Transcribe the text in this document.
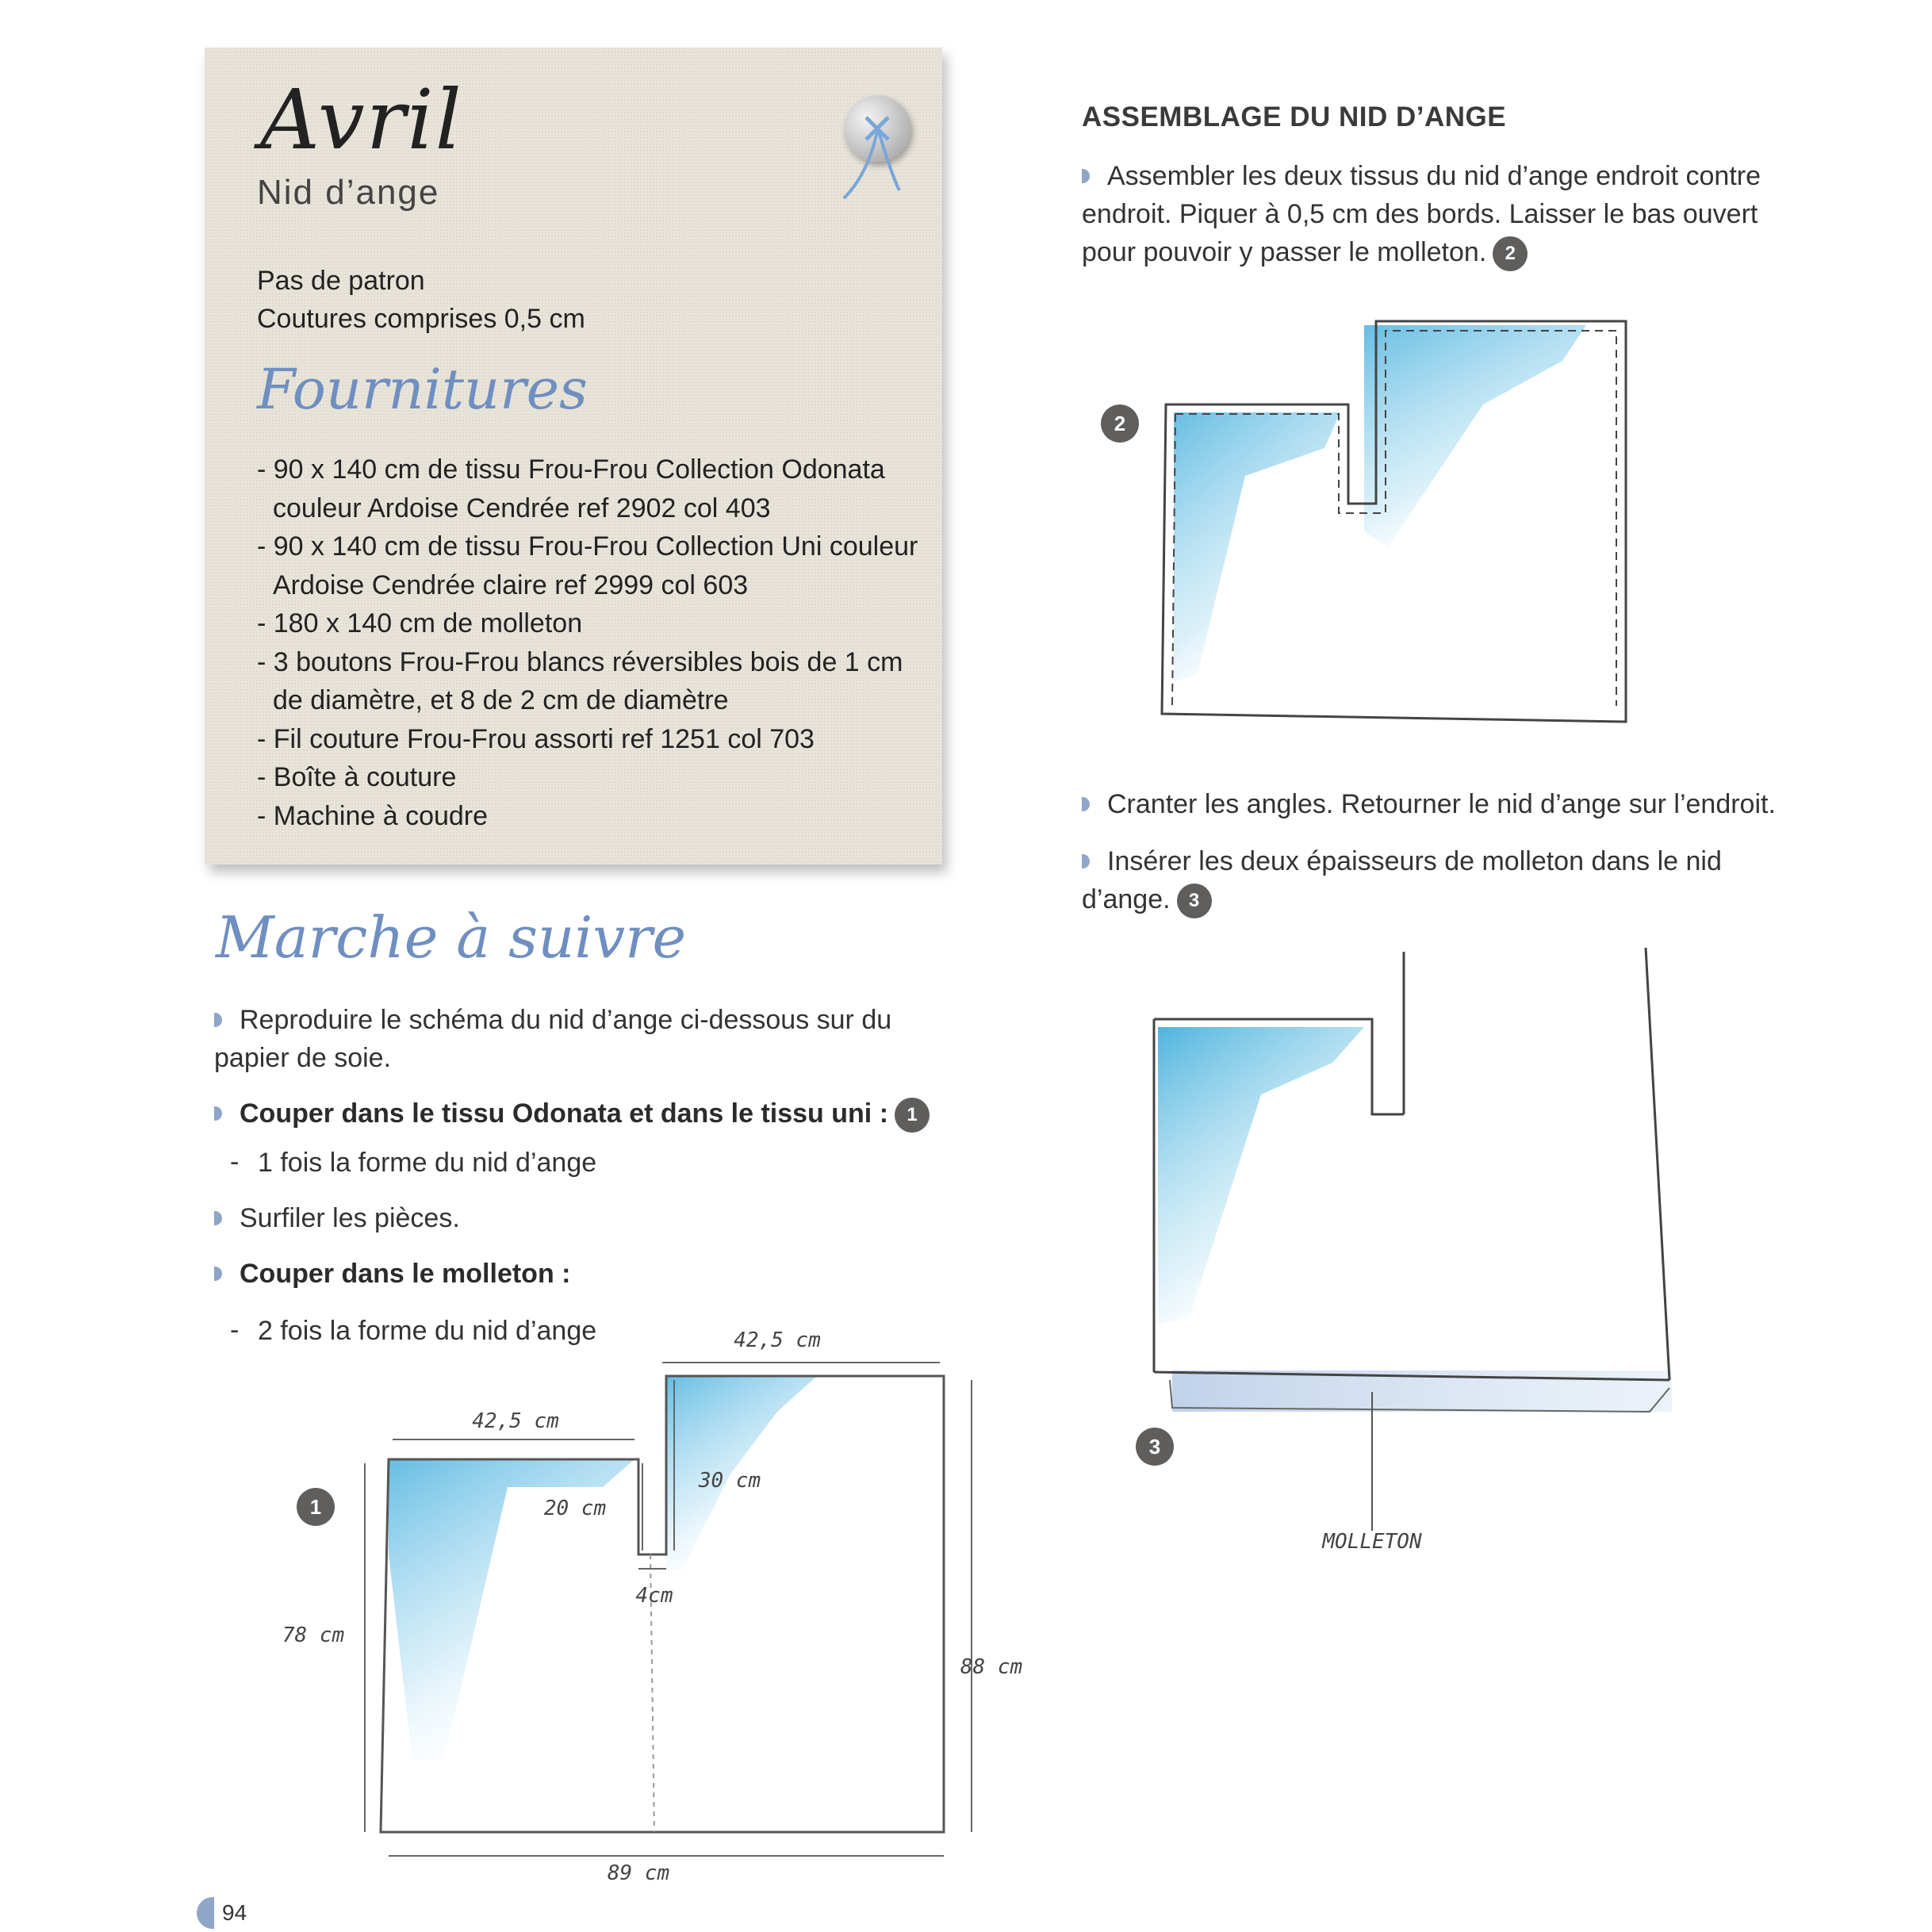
Avril
Nid d’ange
Pas de patron
Coutures comprises 0,5 cm
Fournitures
- 90 x 140 cm de tissu Frou-Frou Collection Odonata couleur Ardoise Cendrée ref 2902 col 403
- 90 x 140 cm de tissu Frou-Frou Collection Uni couleur Ardoise Cendrée claire ref 2999 col 603
- 180 x 140 cm de molleton
- 3 boutons Frou-Frou blancs réversibles bois de 1 cm de diamètre, et 8 de 2 cm de diamètre
- Fil couture Frou-Frou assorti ref 1251 col 703
- Boîte à couture
- Machine à coudre
Marche à suivre
Reproduire le schéma du nid d’ange ci-dessous sur du papier de soie.
Couper dans le tissu Odonata et dans le tissu uni : 1
1 fois la forme du nid d’ange
-
Surfiler les pièces.
Couper dans le molleton :
2 fois la forme du nid d’ange
-
1
42,5 cm
42,5 cm
20 cm
30 cm
4cm
78 cm
88 cm
89 cm
ASSEMBLAGE DU NID D’ANGE
Assembler les deux tissus du nid d’ange endroit contre endroit. Piquer à 0,5 cm des bords. Laisser le bas ouvert pour pouvoir y passer le molleton. 2
2
Cranter les angles. Retourner le nid d’ange sur l’endroit.
Insérer les deux épaisseurs de molleton dans le nid d’ange. 3
3
MOLLETON
94
